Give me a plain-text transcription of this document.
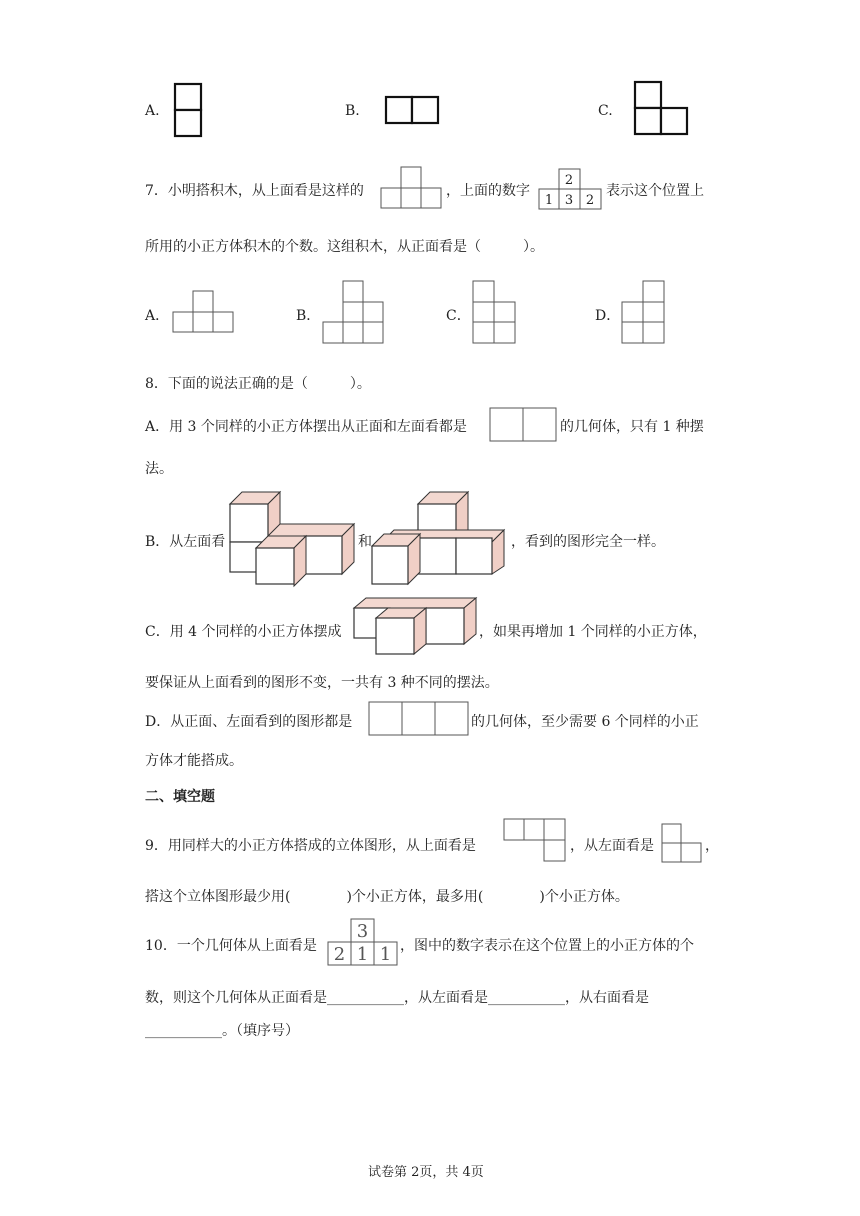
A.	B.	C.
7．小明搭积木，从上面看是这样的	，上面的数字
2
1 3 2
表示这个位置上
所用的小正方体积木的个数。这组积木，从正面看是（　　　）。
A．	B．	C．	D．
8．下面的说法正确的是（　　　）。
A．用 3 个同样的小正方体摆出从正面和左面看都是	的几何体，只有 1 种摆
法。
B．从左面看	和	，看到的图形完全一样。
C．用 4 个同样的小正方体摆成	，如果再增加 1 个同样的小正方体，
要保证从上面看到的图形不变，一共有 3 种不同的摆法。
D．从正面、左面看到的图形都是	的几何体，至少需要 6 个同样的小正
方体才能搭成。
二、填空题
9．用同样大的小正方体搭成的立体图形，从上面看是	，从左面看是	，
搭这个立体图形最少用(　　　　)个小正方体，最多用(　　　　)个小正方体。
10．一个几何体从上面看是
3
2 1 1 ，图中的数字表示在这个位置上的小正方体的个
数，则这个几何体从正面看是___________，从左面看是___________，从右面看是
___________。（填序号）
试卷第 2页，共 4页
